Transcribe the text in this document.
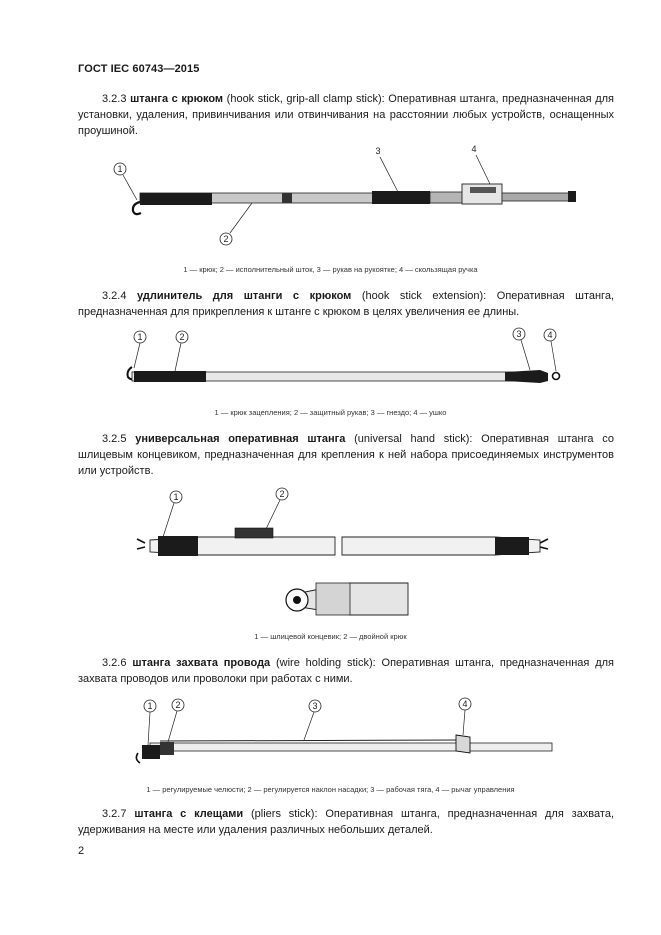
ГОСТ IEC 60743—2015

3.2.3 штанга с крюком (hook stick, grip-all clamp stick): Оперативная штанга, предназначенная для установки, удаления, привинчивания или отвинчивания на расстоянии любых устройств, оснащенных проушиной.

1
2
3	4
1 — крюк; 2 — исполнительный шток, 3 — рукав на рукоятке; 4 — скользящая ручка

3.2.4 удлинитель для штанги с крюком (hook stick extension): Оперативная штанга, предназначенная для прикрепления к штанге с крюком в целях увеличения ее длины.

1	2	3	4
1 — крюк зацепления; 2 — защитный рукав; 3 — гнездо; 4 — ушко

3.2.5 универсальная оперативная штанга (universal hand stick): Оперативная штанга со шлицевым концевиком, предназначенная для крепления к ней набора присоединяемых инструментов или устройств.

1	2
1 — шлицевой концевик; 2 — двойной крюк

3.2.6 штанга захвата провода (wire holding stick): Оперативная штанга, предназначенная для захвата проводов или проволоки при работах с ними.

1	2	3	4
1 — регулируемые челюсти; 2 — регулируется наклон насадки; 3 — рабочая тяга, 4 — рычаг управления

3.2.7 штанга с клещами (pliers stick): Оперативная штанга, предназначенная для захвата, удерживания на месте или удаления различных небольших деталей.

2
